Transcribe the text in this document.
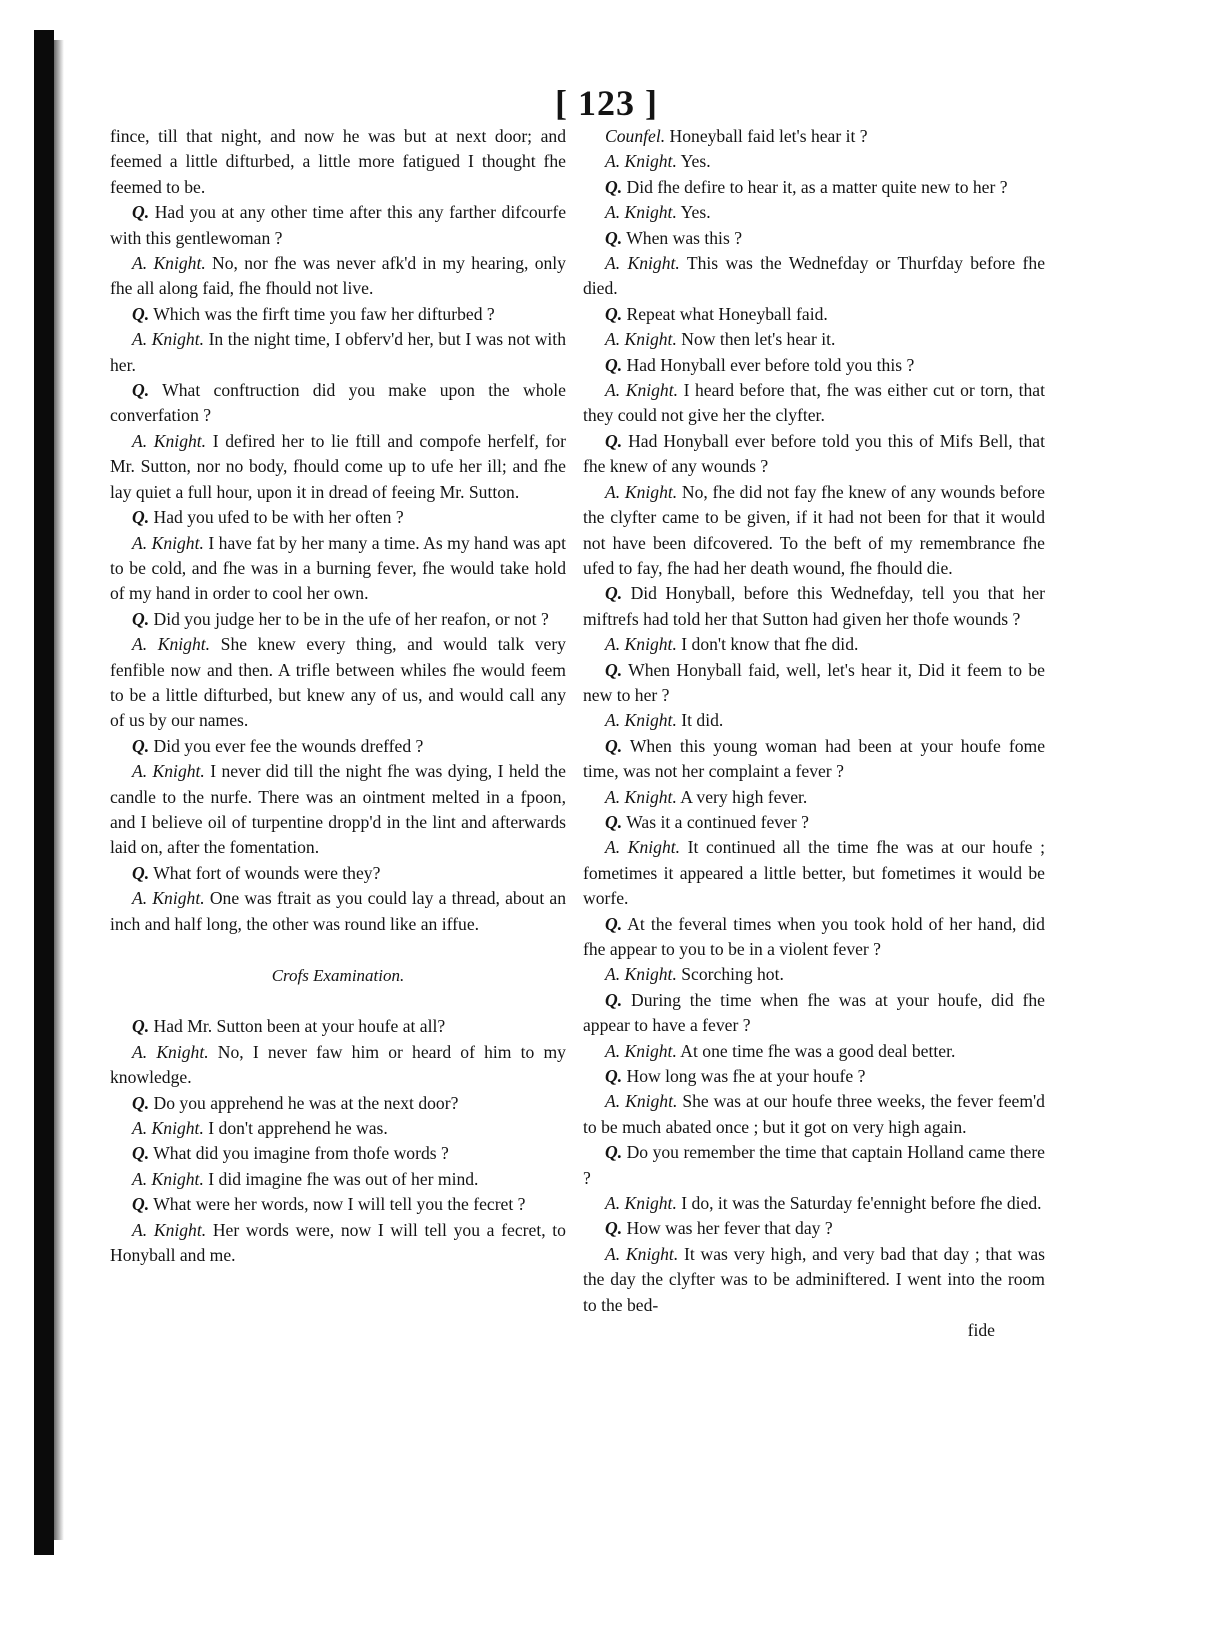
[ 123 ]

fince, till that night, and now he was but at next door; and feemed a little difturbed, a little more fatigued I thought fhe feemed to be.

Q. Had you at any other time after this any farther difcourfe with this gentlewoman ?

A. Knight. No, nor fhe was never afk'd in my hearing, only fhe all along faid, fhe fhould not live.

Q. Which was the firft time you faw her difturbed ?

A. Knight. In the night time, I obferv'd her, but I was not with her.

Q. What conftruction did you make upon the whole converfation ?

A. Knight. I defired her to lie ftill and compofe herfelf, for Mr. Sutton, nor no body, fhould come up to ufe her ill; and fhe lay quiet a full hour, upon it in dread of feeing Mr. Sutton.

Q. Had you ufed to be with her often ?

A. Knight. I have fat by her many a time. As my hand was apt to be cold, and fhe was in a burning fever, fhe would take hold of my hand in order to cool her own.

Q. Did you judge her to be in the ufe of her reafon, or not ?

A. Knight. She knew every thing, and would talk very fenfible now and then. A trifle between whiles fhe would feem to be a little difturbed, but knew any of us, and would call any of us by our names.

Q. Did you ever fee the wounds dreffed ?

A. Knight. I never did till the night fhe was dying, I held the candle to the nurfe. There was an ointment melted in a fpoon, and I believe oil of turpentine dropp'd in the lint and afterwards laid on, after the fomentation.

Q. What fort of wounds were they?

A. Knight. One was ftrait as you could lay a thread, about an inch and half long, the other was round like an iffue.

Crofs Examination.

Q. Had Mr. Sutton been at your houfe at all?

A. Knight. No, I never faw him or heard of him to my knowledge.

Q. Do you apprehend he was at the next door?

A. Knight. I don't apprehend he was.

Q. What did you imagine from thofe words ?

A. Knight. I did imagine fhe was out of her mind.

Q. What were her words, now I will tell you the fecret ?

A. Knight. Her words were, now I will tell you a fecret, to Honyball and me.

Counfel. Honeyball faid let's hear it ?

A. Knight. Yes.

Q. Did fhe defire to hear it, as a matter quite new to her ?

A. Knight. Yes.

Q. When was this ?

A. Knight. This was the Wednefday or Thurfday before fhe died.

Q. Repeat what Honeyball faid.

A. Knight. Now then let's hear it.

Q. Had Honyball ever before told you this ?

A. Knight. I heard before that, fhe was either cut or torn, that they could not give her the clyfter.

Q. Had Honyball ever before told you this of Mifs Bell, that fhe knew of any wounds ?

A. Knight. No, fhe did not fay fhe knew of any wounds before the clyfter came to be given, if it had not been for that it would not have been difcovered. To the beft of my remembrance fhe ufed to fay, fhe had her death wound, fhe fhould die.

Q. Did Honyball, before this Wednefday, tell you that her miftrefs had told her that Sutton had given her thofe wounds ?

A. Knight. I don't know that fhe did.

Q. When Honyball faid, well, let's hear it, Did it feem to be new to her ?

A. Knight. It did.

Q. When this young woman had been at your houfe fome time, was not her complaint a fever ?

A. Knight. A very high fever.

Q. Was it a continued fever ?

A. Knight. It continued all the time fhe was at our houfe ; fometimes it appeared a little better, but fometimes it would be worfe.

Q. At the feveral times when you took hold of her hand, did fhe appear to you to be in a violent fever ?

A. Knight. Scorching hot.

Q. During the time when fhe was at your houfe, did fhe appear to have a fever ?

A. Knight. At one time fhe was a good deal better.

Q. How long was fhe at your houfe ?

A. Knight. She was at our houfe three weeks, the fever feem'd to be much abated once ; but it got on very high again.

Q. Do you remember the time that captain Holland came there ?

A. Knight. I do, it was the Saturday fe'ennight before fhe died.

Q. How was her fever that day ?

A. Knight. It was very high, and very bad that day ; that was the day the clyfter was to be adminiftered. I went into the room to the bed-

fide
